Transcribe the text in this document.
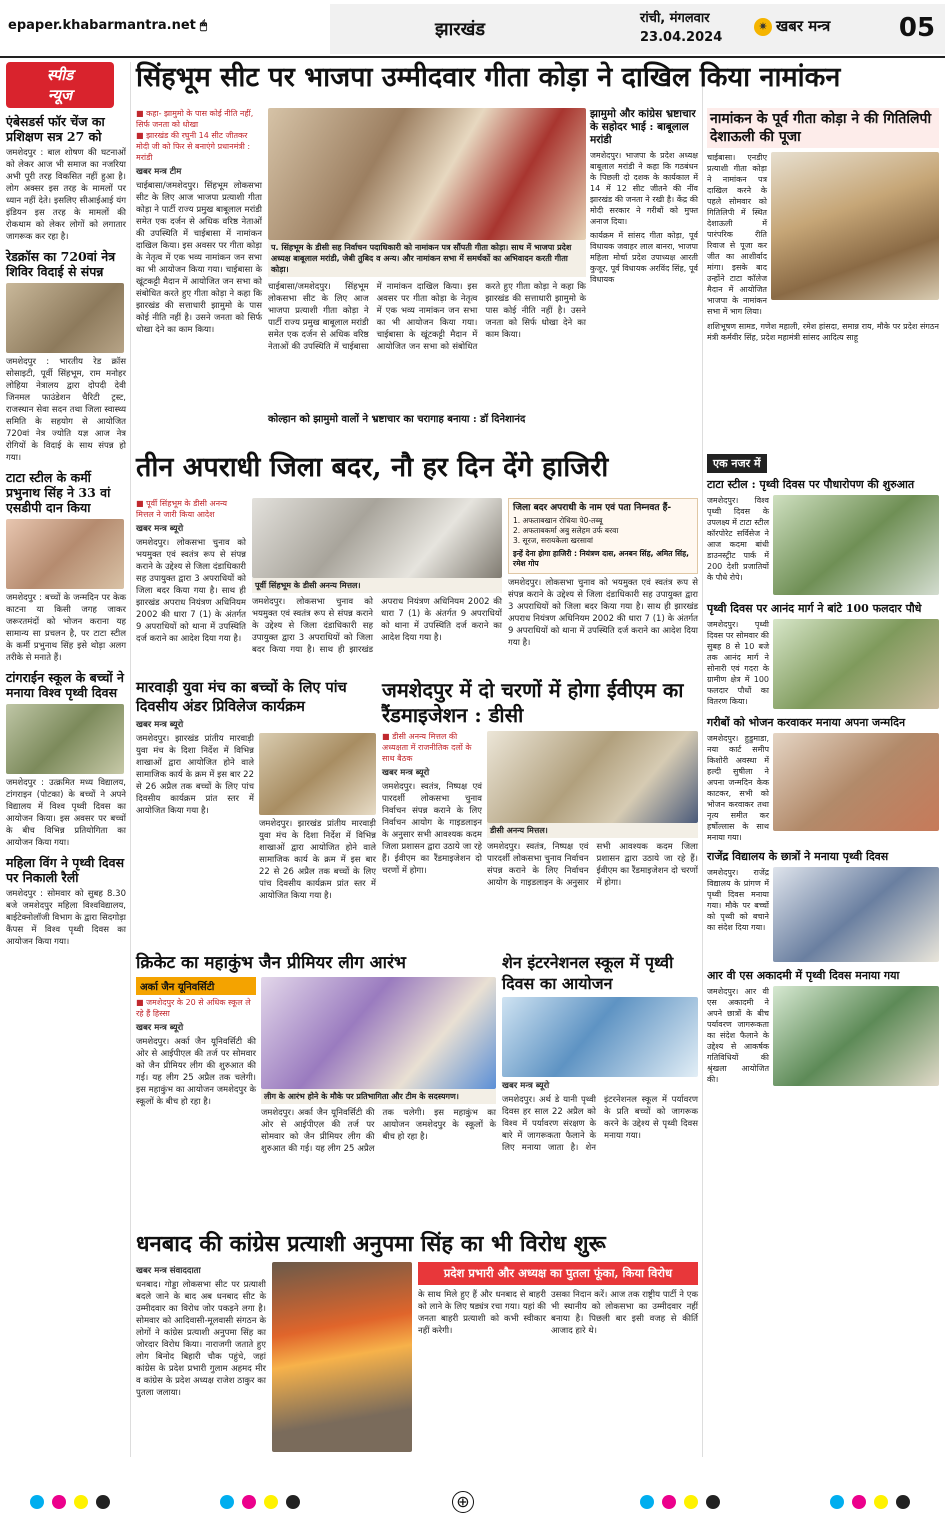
epaper.khabarmantra.net 🖱	झारखंड
रांची, मंगलवार
23.04.2024
✷ खबर मन्त्र	05
स्पीड
न्यूज
एंबेसडर्स फॉर चेंज का प्रशिक्षण सत्र 27 को

जमशेदपुर : बाल शोषण की घटनाओं को लेकर आज भी समाज का नजरिया अभी पूरी तरह विकसित नहीं हुआ है। लोग अक्सर इस तरह के मामलों पर ध्यान नहीं देते। इसलिए सीआईआई यंग इंडियन इस तरह के मामलों की रोकथाम को लेकर लोगों को लगातार जागरूक कर रहा है।

रेडक्रॉस का 720वां नेत्र शिविर विदाई से संपन्न

जमशेदपुर : भारतीय रेड क्रॉस सोसाइटी, पूर्वी सिंहभूम, राम मनोहर लोहिया नेत्रालय द्वारा दोपदी देवी जिनमल फाउंडेशन चैरिटी ट्रस्ट, राजस्थान सेवा सदन तथा जिला स्वास्थ्य समिति के सहयोग से आयोजित 720वां नेत्र ज्योति यज्ञ आज नेत्र रोगियों के विदाई के साथ संपन्न हो गया।

टाटा स्टील के कर्मी प्रभुनाथ सिंह ने 33 वां एसडीपी दान किया

जमशेदपुर : बच्चों के जन्मदिन पर केक काटना या किसी जगह जाकर जरूरतमंदों को भोजन कराना यह सामान्य सा प्रचलन है, पर टाटा स्टील के कर्मी प्रभुनाथ सिंह इसे थोड़ा अलग तरीके से मनाते हैं।

टांगराईन स्कूल के बच्चों ने मनाया विश्व पृथ्वी दिवस

जमशेदपुर : उत्क्रमित मध्य विद्यालय, टांगराइन (पोटका) के बच्चों ने अपने विद्यालय में विश्व पृथ्वी दिवस का आयोजन किया। इस अवसर पर बच्चों के बीच विभिन्न प्रतियोगिता का आयोजन किया गया।

महिला विंग ने पृथ्वी दिवस पर निकाली रैली

जमशेदपुर : सोमवार को सुबह 8.30 बजे जमशेदपुर महिला विश्वविद्यालय, बाईटेक्नोलॉजी विभाग के द्वारा सिदगोड़ा कैंपस में विश्व पृथ्वी दिवस का आयोजन किया गया।

सिंहभूम सीट पर भाजपा उम्मीदवार गीता कोड़ा ने दाखिल किया नामांकन
■ कहा- झामुमो के पास कोई नीति नहीं, सिर्फ जनता को धोखा
■ झारखंड की रघुनी 14 सीट जीतकर मोदी जी को फिर से बनाएंगे प्रधानमंत्री : मरांडी
खबर मन्त्र टीम
चाईबासा/जमशेदपुर। सिंहभूम लोकसभा सीट के लिए आज भाजपा प्रत्याशी गीता कोड़ा ने पार्टी राज्य प्रमुख बाबूलाल मरांडी समेत एक दर्जन से अधिक वरिष्ठ नेताओं की उपस्थिति में चाईबासा में नामांकन दाखिल किया। इस अवसर पर गीता कोड़ा के नेतृत्व में एक भव्य नामांकन जन सभा का भी आयोजन किया गया। चाईबासा के खूंटकट्टी मैदान में आयोजित जन सभा को संबोधित करते हुए गीता कोड़ा ने कहा कि झारखंड की सत्ताधारी झामुमो के पास कोई नीति नहीं है। उसने जनता को सिर्फ धोखा देने का काम किया।
प. सिंहभूम के डीसी सह निर्वाचन पदाधिकारी को नामांकन पत्र सौंपती गीता कोड़ा। साथ में भाजपा प्रदेश अध्यक्ष बाबूलाल मरांडी, जेबी तुबिद व अन्य। और नामांकन सभा में समर्थकों का अभिवादन करती गीता कोड़ा।
चाईबासा/जमशेदपुर। सिंहभूम लोकसभा सीट के लिए आज भाजपा प्रत्याशी गीता कोड़ा ने पार्टी राज्य प्रमुख बाबूलाल मरांडी समेत एक दर्जन से अधिक वरिष्ठ नेताओं की उपस्थिति में चाईबासा में नामांकन दाखिल किया। इस अवसर पर गीता कोड़ा के नेतृत्व में एक भव्य नामांकन जन सभा का भी आयोजन किया गया। चाईबासा के खूंटकट्टी मैदान में आयोजित जन सभा को संबोधित करते हुए गीता कोड़ा ने कहा कि झारखंड की सत्ताधारी झामुमो के पास कोई नीति नहीं है। उसने जनता को सिर्फ धोखा देने का काम किया।
कोल्हान को झामुमो वालों ने भ्रष्टाचार का चरागाह बनाया : डॉ दिनेशानंद
झामुमो और कांग्रेस भ्रष्टाचार के सहोदर भाई : बाबूलाल मरांडी
जमशेदपुर। भाजपा के प्रदेश अध्यक्ष बाबूलाल मरांडी ने कहा कि गठबंधन के पिछली दो दशक के कार्यकाल में 14 में 12 सीट जीतने की नींव झारखंड की जनता ने रखी है। केंद्र की मोदी सरकार ने गरीबों को मुफ्त अनाज दिया।
कार्यक्रम में सांसद गीता कोड़ा, पूर्व विधायक जवाहर लाल बानरा, भाजपा महिला मोर्चा प्रदेश उपाध्यक्ष आरती कुजूर, पूर्व विधायक अरविंद सिंह, पूर्व विधायक
नामांकन के पूर्व गीता कोड़ा ने की गितिलिपी देशाऊली की पूजा
चाईबासा। एनडीए प्रत्याशी गीता कोड़ा ने नामांकन पत्र दाखिल करने के पहले सोमवार को गितिलिपी में स्थित देशाऊली में पारंपरिक रीति रिवाज से पूजा कर जीत का आशीर्वाद मांगा। इसके बाद उन्होंने टाटा कॉलेज मैदान में आयोजित भाजपा के नामांकन सभा में भाग लिया।
शशिभूषण सामड, गणेश महाली, रमेश हांसदा, समान्न राय, मौके पर प्रदेश संगठन मंत्री कर्मवीर सिंह, प्रदेश महामंत्री सांसद आदित्य साहू
तीन अपराधी जिला बदर, नौ हर दिन देंगे हाजिरी
■ पूर्वी सिंहभूम के डीसी अनन्य मित्तल ने जारी किया आदेश
खबर मन्त्र ब्यूरो
जमशेदपुर। लोकसभा चुनाव को भयमुक्त एवं स्वतंत्र रूप से संपन्न कराने के उद्देश्य से जिला दंडाधिकारी सह उपायुक्त द्वारा 3 अपराधियों को जिला बदर किया गया है। साथ ही झारखंड अपराध नियंत्रण अधिनियम 2002 की धारा 7 (1) के अंतर्गत 9 अपराधियों को थाना में उपस्थिति दर्ज कराने का आदेश दिया गया है।
पूर्वी सिंहभूम के डीसी अनन्य मित्तल।
जमशेदपुर। लोकसभा चुनाव को भयमुक्त एवं स्वतंत्र रूप से संपन्न कराने के उद्देश्य से जिला दंडाधिकारी सह उपायुक्त द्वारा 3 अपराधियों को जिला बदर किया गया है। साथ ही झारखंड अपराध नियंत्रण अधिनियम 2002 की धारा 7 (1) के अंतर्गत 9 अपराधियों को थाना में उपस्थिति दर्ज कराने का आदेश दिया गया है।
जिला बदर अपराधी के नाम एवं पता निम्नवत हैं-
1. अफताबखान रोधिया पे0-तब्बू
2. अफताबकर्मा अबु सलेहम उर्फ बरवा
3. सूरज, सरायकेला खरसावां
इन्हें देना होगा हाजिरी : नियंत्रण दास, अनबन सिंह, अमित सिंह, रमेश गोप
जमशेदपुर। लोकसभा चुनाव को भयमुक्त एवं स्वतंत्र रूप से संपन्न कराने के उद्देश्य से जिला दंडाधिकारी सह उपायुक्त द्वारा 3 अपराधियों को जिला बदर किया गया है। साथ ही झारखंड अपराध नियंत्रण अधिनियम 2002 की धारा 7 (1) के अंतर्गत 9 अपराधियों को थाना में उपस्थिति दर्ज कराने का आदेश दिया गया है।
मारवाड़ी युवा मंच का बच्चों के लिए पांच दिवसीय अंडर प्रिविलेज कार्यक्रम
खबर मन्त्र ब्यूरो
जमशेदपुर। झारखंड प्रांतीय मारवाड़ी युवा मंच के दिशा निर्देश में विभिन्न शाखाओं द्वारा आयोजित होने वाले सामाजिक कार्य के क्रम में इस बार 22 से 26 अप्रैल तक बच्चों के लिए पांच दिवसीय कार्यक्रम प्रांत स्तर में आयोजित किया गया है।
जमशेदपुर। झारखंड प्रांतीय मारवाड़ी युवा मंच के दिशा निर्देश में विभिन्न शाखाओं द्वारा आयोजित होने वाले सामाजिक कार्य के क्रम में इस बार 22 से 26 अप्रैल तक बच्चों के लिए पांच दिवसीय कार्यक्रम प्रांत स्तर में आयोजित किया गया है।
जमशेदपुर में दो चरणों में होगा ईवीएम का रैंडमाइजेशन : डीसी
■ डीसी अनन्य मित्तल की अध्यक्षता में राजनीतिक दलों के साथ बैठक
खबर मन्त्र ब्यूरो
जमशेदपुर। स्वतंत्र, निष्पक्ष एवं पारदर्शी लोकसभा चुनाव निर्वाचन संपन्न कराने के लिए निर्वाचन आयोग के गाइडलाइन के अनुसार सभी आवश्यक कदम जिला प्रशासन द्वारा उठाये जा रहे हैं। ईवीएम का रैंडमाइजेशन दो चरणों में होगा।
डीसी अनन्य मित्तल।
जमशेदपुर। स्वतंत्र, निष्पक्ष एवं पारदर्शी लोकसभा चुनाव निर्वाचन संपन्न कराने के लिए निर्वाचन आयोग के गाइडलाइन के अनुसार सभी आवश्यक कदम जिला प्रशासन द्वारा उठाये जा रहे हैं। ईवीएम का रैंडमाइजेशन दो चरणों में होगा।
एक नजर में
टाटा स्टील : पृथ्वी दिवस पर पौधारोपण की शुरुआत
जमशेदपुर। विश्व पृथ्वी दिवस के उपलक्ष्य में टाटा स्टील कॉरपोरेट सर्विसेज ने आज कदमा बांधी डाउनस्ट्रीट पार्क में 200 देशी प्रजातियों के पौधे रोपे।
पृथ्वी दिवस पर आनंद मार्ग ने बांटे 100 फलदार पौधे
जमशेदपुर। पृथ्वी दिवस पर सोमवार की सुबह 8 से 10 बजे तक आनंद मार्ग ने सोनारी एवं गदरा के ग्रामीण क्षेत्र में 100 फलदार पौधों का वितरण किया।
गरीबों को भोजन करवाकर मनाया अपना जन्मदिन
जमशेदपुर। हुडुमाडा, नया कार्ट समीप किशोरी अवस्था में हल्दी सुषीला ने अपना जन्मदिन केक काटकर, सभी को भोजन करवाकर तथा नृत्य समीत कर हर्षोल्लास के साथ मनाया गया।
राजेंद्र विद्यालय के छात्रों ने मनाया पृथ्वी दिवस
जमशेदपुर। राजेंद्र विद्यालय के प्रांगण में पृथ्वी दिवस मनाया गया। मौके पर बच्चों को पृथ्वी को बचाने का संदेश दिया गया।
आर वी एस अकादमी में पृथ्वी दिवस मनाया गया
जमशेदपुर। आर वी एस अकादमी ने अपने छात्रों के बीच पर्यावरण जागरूकता का संदेश फैलाने के उद्देश्य से आकर्षक गतिविधियों की श्रृंखला आयोजित की।
क्रिकेट का महाकुंभ जैन प्रीमियर लीग आरंभ
अर्का जैन यूनिवर्सिटी
■ जमशेदपुर के 20 से अधिक स्कूल ले रहे हैं हिस्सा
खबर मन्त्र ब्यूरो
जमशेदपुर। अर्का जैन यूनिवर्सिटी की ओर से आईपीएल की तर्ज पर सोमवार को जैन प्रीमियर लीग की शुरुआत की गई। यह लीग 25 अप्रैल तक चलेगी। इस महाकुंभ का आयोजन जमशेदपुर के स्कूलों के बीच हो रहा है।
लीग के आरंभ होने के मौके पर प्रतिभागिता और टीम के सदस्यगण।
जमशेदपुर। अर्का जैन यूनिवर्सिटी की ओर से आईपीएल की तर्ज पर सोमवार को जैन प्रीमियर लीग की शुरुआत की गई। यह लीग 25 अप्रैल तक चलेगी। इस महाकुंभ का आयोजन जमशेदपुर के स्कूलों के बीच हो रहा है।
शेन इंटरनेशनल स्कूल में पृथ्वी दिवस का आयोजन
खबर मन्त्र ब्यूरो
जमशेदपुर। अर्थ डे यानी पृथ्वी दिवस हर साल 22 अप्रैल को विश्व में पर्यावरण संरक्षण के बारे में जागरूकता फैलाने के लिए मनाया जाता है। शेन इंटरनेशनल स्कूल में पर्यावरण के प्रति बच्चों को जागरूक करने के उद्देश्य से पृथ्वी दिवस मनाया गया।
धनबाद की कांग्रेस प्रत्याशी अनुपमा सिंह का भी विरोध शुरू
खबर मन्त्र संवाददाता
धनबाद। गोड्डा लोकसभा सीट पर प्रत्याशी बदले जाने के बाद अब धनबाद सीट के उम्मीदवार का विरोध जोर पकड़ने लगा है। सोमवार को आदिवासी-मूलवासी संगठन के लोगों ने कांग्रेस प्रत्याशी अनुपमा सिंह का जोरदार विरोध किया। नाराजगी जताते हुए लोग बिनोद बिहारी चौक पहुंचे, जहां कांग्रेस के प्रदेश प्रभारी गुलाम अहमद मीर व कांग्रेस के प्रदेश अध्यक्ष राजेश ठाकुर का पुतला जलाया।
प्रदेश प्रभारी और अध्यक्ष का पुतला फूंका, किया विरोध
के साथ मिले हुए हैं और धनबाद से बाहरी को लाने के लिए षड्यंत्र रचा गया। यहां की जनता बाहरी प्रत्याशी को कभी स्वीकार नहीं करेगी।
उसका निदान करें। आज तक राष्ट्रीय पार्टी ने एक भी स्थानीय को लोकसभा का उम्मीदवार नहीं बनाया है। पिछली बार इसी वजह से कीर्ति आजाद हारे थे।
⊕
